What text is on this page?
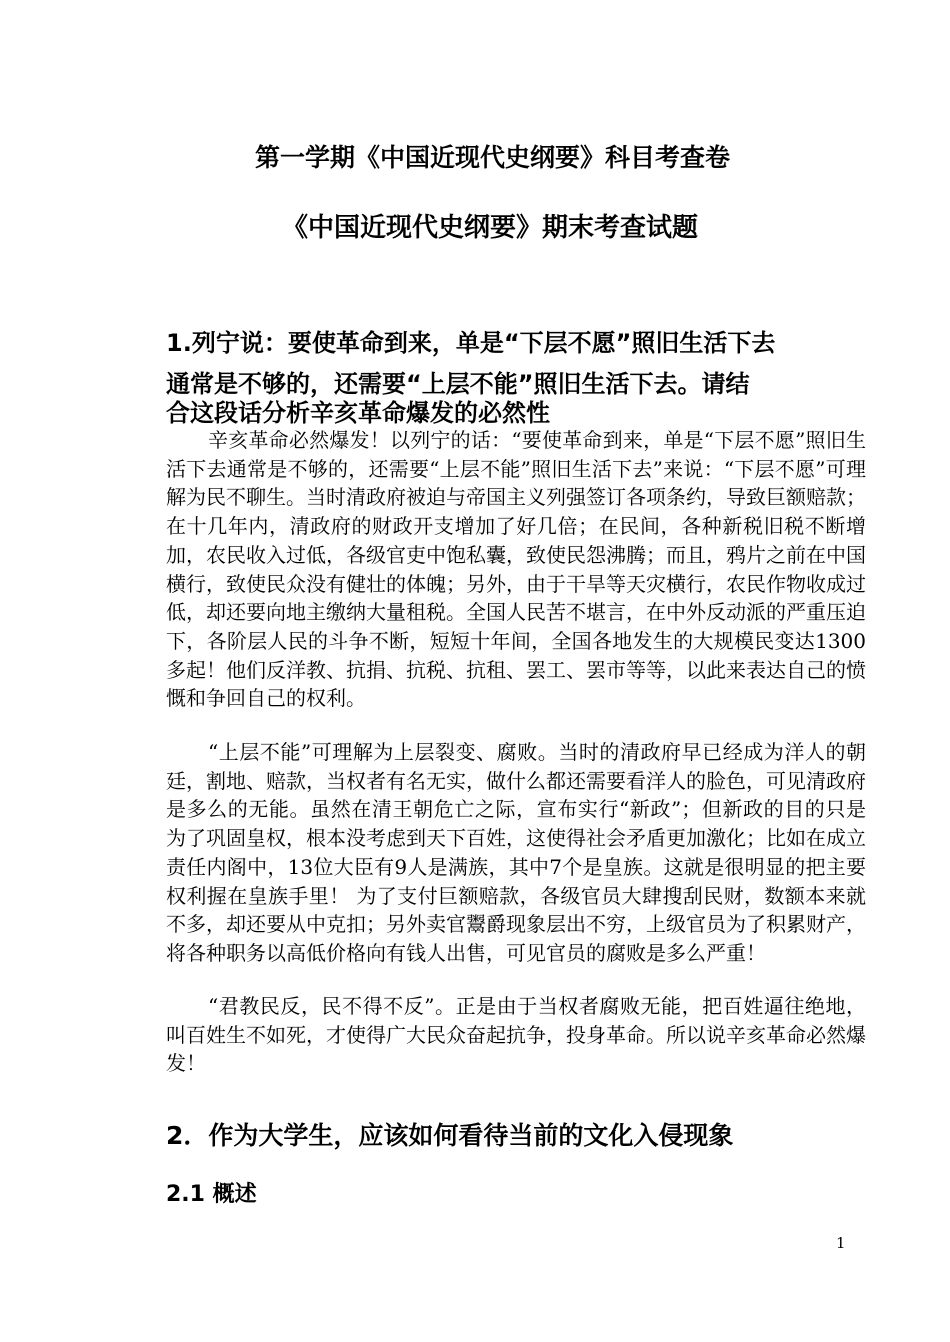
第一学期《中国近现代史纲要》科目考查卷
《中国近现代史纲要》期末考查试题
1.列宁说：要使革命到来，单是“下层不愿”照旧生活下去
通常是不够的，还需要“上层不能”照旧生活下去。请结
合这段话分析辛亥革命爆发的必然性

辛亥革命必然爆发！以列宁的话：“要使革命到来，单是“下层不愿”照旧生活下去通常是不够的，还需要“上层不能”照旧生活下去”来说：“下层不愿”可理解为民不聊生。当时清政府被迫与帝国主义列强签订各项条约，导致巨额赔款；在十几年内，清政府的财政开支增加了好几倍；在民间，各种新税旧税不断增加，农民收入过低，各级官吏中饱私囊，致使民怨沸腾；而且，鸦片之前在中国横行，致使民众没有健壮的体魄；另外，由于干旱等天灾横行，农民作物收成过低，却还要向地主缴纳大量租税。全国人民苦不堪言，在中外反动派的严重压迫下，各阶层人民的斗争不断，短短十年间，全国各地发生的大规模民变达1300多起！他们反洋教、抗捐、抗税、抗租、罢工、罢市等等，以此来表达自己的愤慨和争回自己的权利。

“上层不能”可理解为上层裂变、腐败。当时的清政府早已经成为洋人的朝廷，割地、赔款，当权者有名无实，做什么都还需要看洋人的脸色，可见清政府是多么的无能。虽然在清王朝危亡之际，宣布实行“新政”；但新政的目的只是为了巩固皇权，根本没考虑到天下百姓，这使得社会矛盾更加激化；比如在成立责任内阁中，13位大臣有9人是满族，其中7个是皇族。这就是很明显的把主要权利握在皇族手里！ 为了支付巨额赔款，各级官员大肆搜刮民财，数额本来就不多，却还要从中克扣；另外卖官鬻爵现象层出不穷，上级官员为了积累财产，将各种职务以高低价格向有钱人出售，可见官员的腐败是多么严重！

“君教民反，民不得不反”。正是由于当权者腐败无能，把百姓逼往绝地，叫百姓生不如死，才使得广大民众奋起抗争，投身革命。所以说辛亥革命必然爆发！

2．作为大学生，应该如何看待当前的文化入侵现象
2.1 概述
1
